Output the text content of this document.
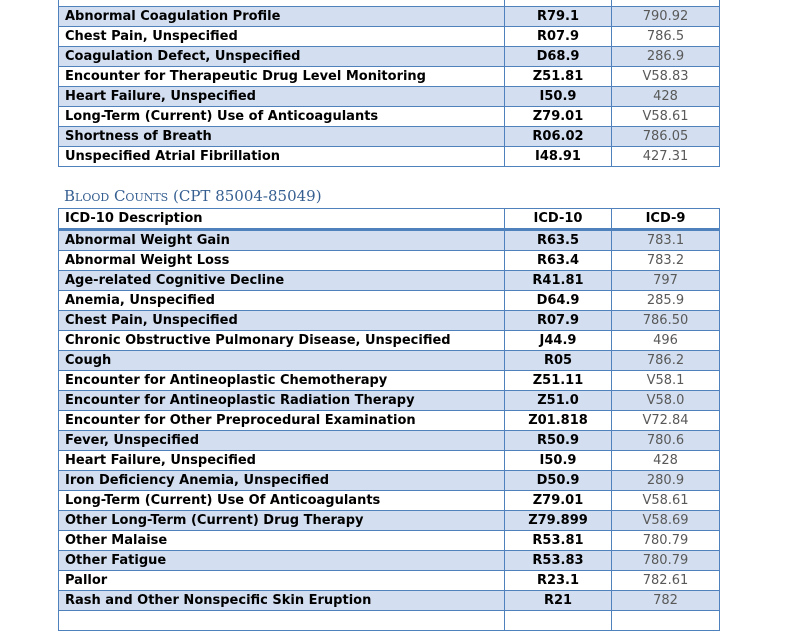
Abnormal Coagulation Profile	R79.1	790.92
Chest Pain, Unspecified	R07.9	786.5
Coagulation Defect, Unspecified	D68.9	286.9
Encounter for Therapeutic Drug Level Monitoring	Z51.81	V58.83
Heart Failure, Unspecified	I50.9	428
Long-Term (Current) Use of Anticoagulants	Z79.01	V58.61
Shortness of Breath	R06.02	786.05
Unspecified Atrial Fibrillation	I48.91	427.31
Blood Counts (CPT 85004-85049)
ICD-10 Description	ICD-10	ICD-9
Abnormal Weight Gain	R63.5	783.1
Abnormal Weight Loss	R63.4	783.2
Age-related Cognitive Decline	R41.81	797
Anemia, Unspecified	D64.9	285.9
Chest Pain, Unspecified	R07.9	786.50
Chronic Obstructive Pulmonary Disease, Unspecified	J44.9	496
Cough	R05	786.2
Encounter for Antineoplastic Chemotherapy	Z51.11	V58.1
Encounter for Antineoplastic Radiation Therapy	Z51.0	V58.0
Encounter for Other Preprocedural Examination	Z01.818	V72.84
Fever, Unspecified	R50.9	780.6
Heart Failure, Unspecified	I50.9	428
Iron Deficiency Anemia, Unspecified	D50.9	280.9
Long-Term (Current) Use Of Anticoagulants	Z79.01	V58.61
Other Long-Term (Current) Drug Therapy	Z79.899	V58.69
Other Malaise	R53.81	780.79
Other Fatigue	R53.83	780.79
Pallor	R23.1	782.61
Rash and Other Nonspecific Skin Eruption	R21	782
